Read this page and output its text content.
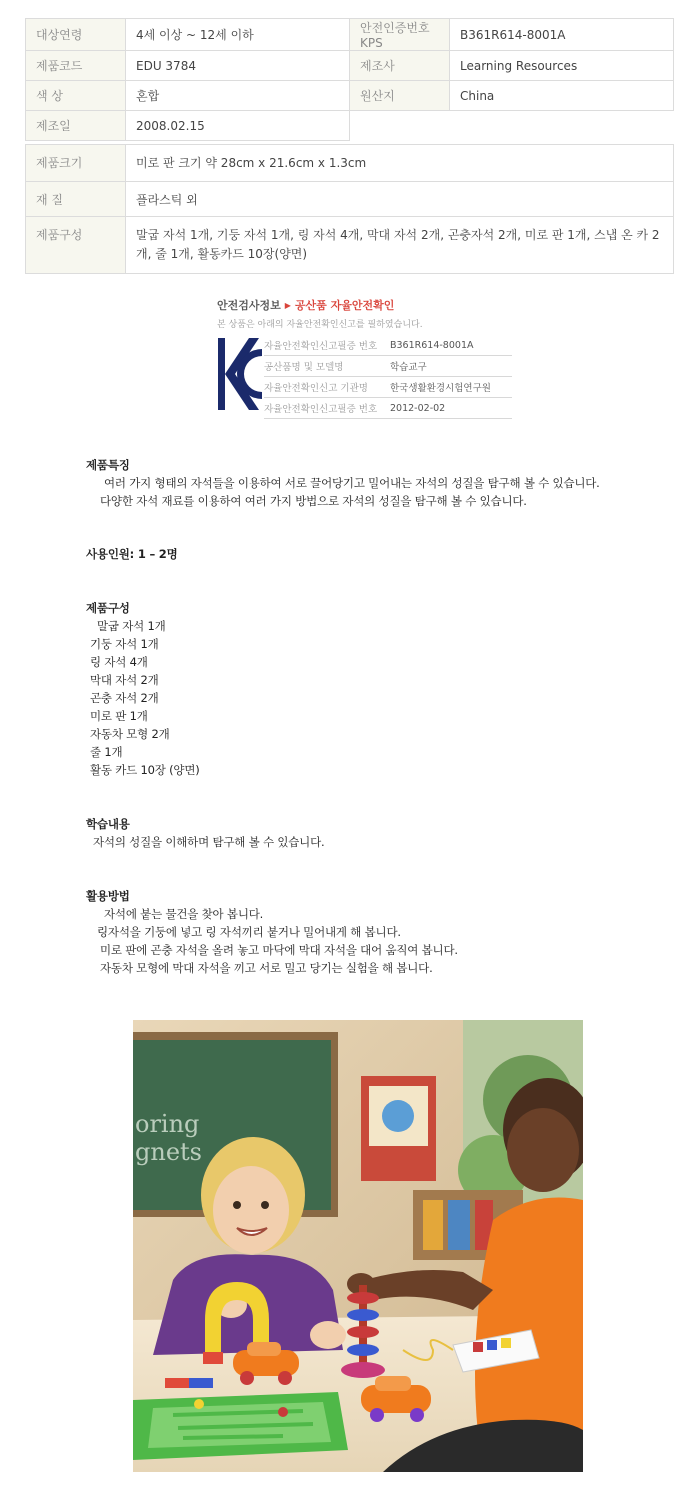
대상연령	4세 이상 ~ 12세 이하	안전인증번호KPS	B361R614-8001A
제품코드	EDU 3784	제조사	Learning Resources
색 상	혼합	원산지	China
제조일	2008.02.15		
제품크기	미로 판 크기 약 28cm x 21.6cm x 1.3cm
재 질	플라스틱 외
제품구성	말굽 자석 1개, 기둥 자석 1개, 링 자석 4개, 막대 자석 2개, 곤충자석 2개, 미로 판 1개, 스냅 온 카 2
개, 줄 1개, 활동카드 10장(양면)
안전검사정보 ▶ 공산품 자율안전확인
본 상품은 아래의 자율안전확인신고를 필하였습니다.
자율안전확인신고필증 번호	B361R614-8001A
공산품명 및 모델명	학습교구
자율안전확인신고 기관명	한국생활환경시험연구원
자율안전확인신고필증 번호	2012-02-02
제품특징
여러 가지 형태의 자석들을 이용하여 서로 끌어당기고 밀어내는 자석의 성질을 탐구해 볼 수 있습니다.
다양한 자석 재료를 이용하여 여러 가지 방법으로 자석의 성질을 탐구해 볼 수 있습니다.
사용인원: 1 – 2명
제품구성
말굽 자석 1개
기둥 자석 1개
링 자석 4개
막대 자석 2개
곤충 자석 2개
미로 판 1개
자동차 모형 2개
줄 1개
활동 카드 10장 (양면)
학습내용
자석의 성질을 이해하며 탐구해 볼 수 있습니다.
활용방법
자석에 붙는 물건을 찾아 봅니다.
링자석을 기둥에 넣고 링 자석끼리 붙거나 밀어내게 해 봅니다.
미로 판에 곤충 자석을 올려 놓고 마닥에 막대 자석을 대어 움직여 봅니다.
자동차 모형에 막대 자석을 끼고 서로 밀고 당기는 실험을 해 봅니다.
oring
gnets
